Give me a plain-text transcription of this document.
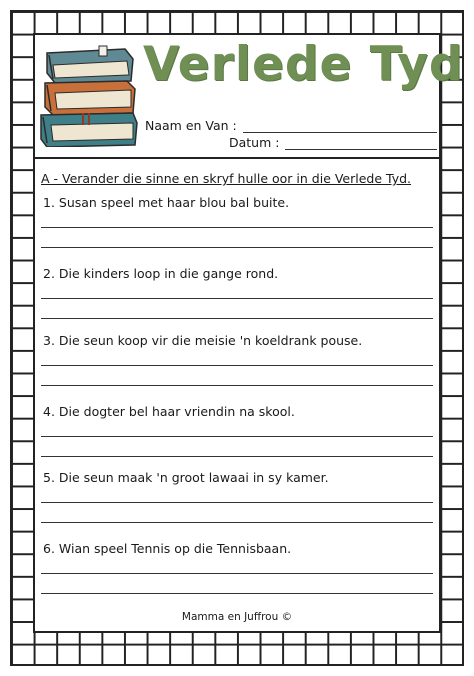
Verlede Tyd
Naam en Van :
Datum :
A - Verander die sinne en skryf hulle oor in die Verlede Tyd.
1. Susan speel met haar blou bal buite.
2. Die kinders loop in die gange rond.
3. Die seun koop vir die meisie 'n koeldrank pouse.
4. Die dogter bel haar vriendin na skool.
5. Die seun maak 'n groot lawaai in sy kamer.
6. Wian speel Tennis op die Tennisbaan.
Mamma en Juffrou ©
